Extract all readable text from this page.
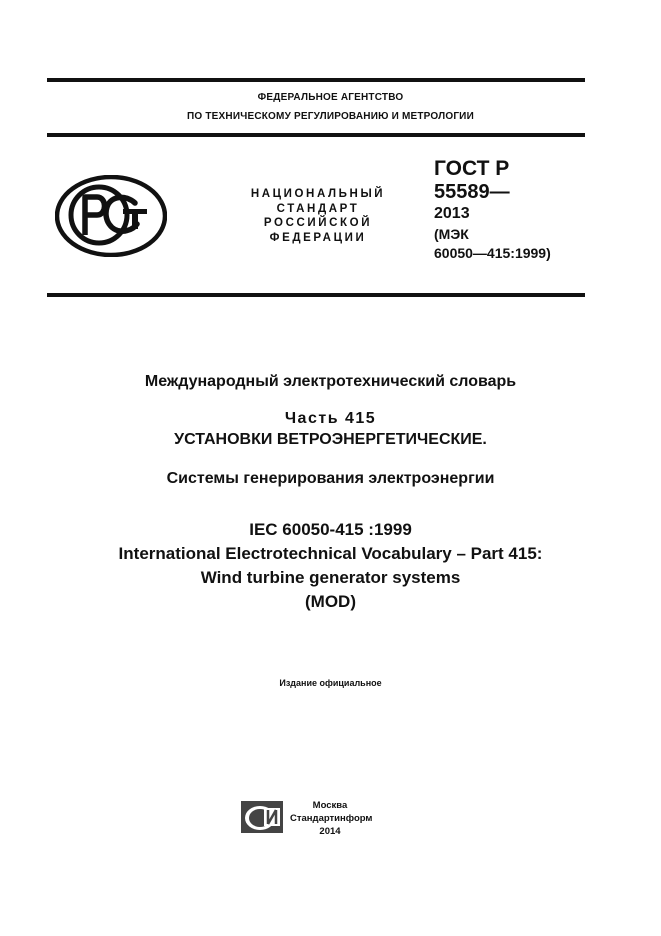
ФЕДЕРАЛЬНОЕ АГЕНТСТВО
ПО ТЕХНИЧЕСКОМУ РЕГУЛИРОВАНИЮ И МЕТРОЛОГИИ
НАЦИОНАЛЬНЫЙ
СТАНДАРТ
РОССИЙСКОЙ
ФЕДЕРАЦИИ
ГОСТ Р
55589—
2013
(МЭК
60050—415:1999)
Международный электротехнический словарь
Часть 415
УСТАНОВКИ ВЕТРОЭНЕРГЕТИЧЕСКИЕ.
Системы генерирования электроэнергии
IEC 60050-415 :1999
International Electrotechnical Vocabulary – Part 415:
Wind turbine generator systems
(MOD)
Издание официальное
Москва
Стандартинформ
2014
